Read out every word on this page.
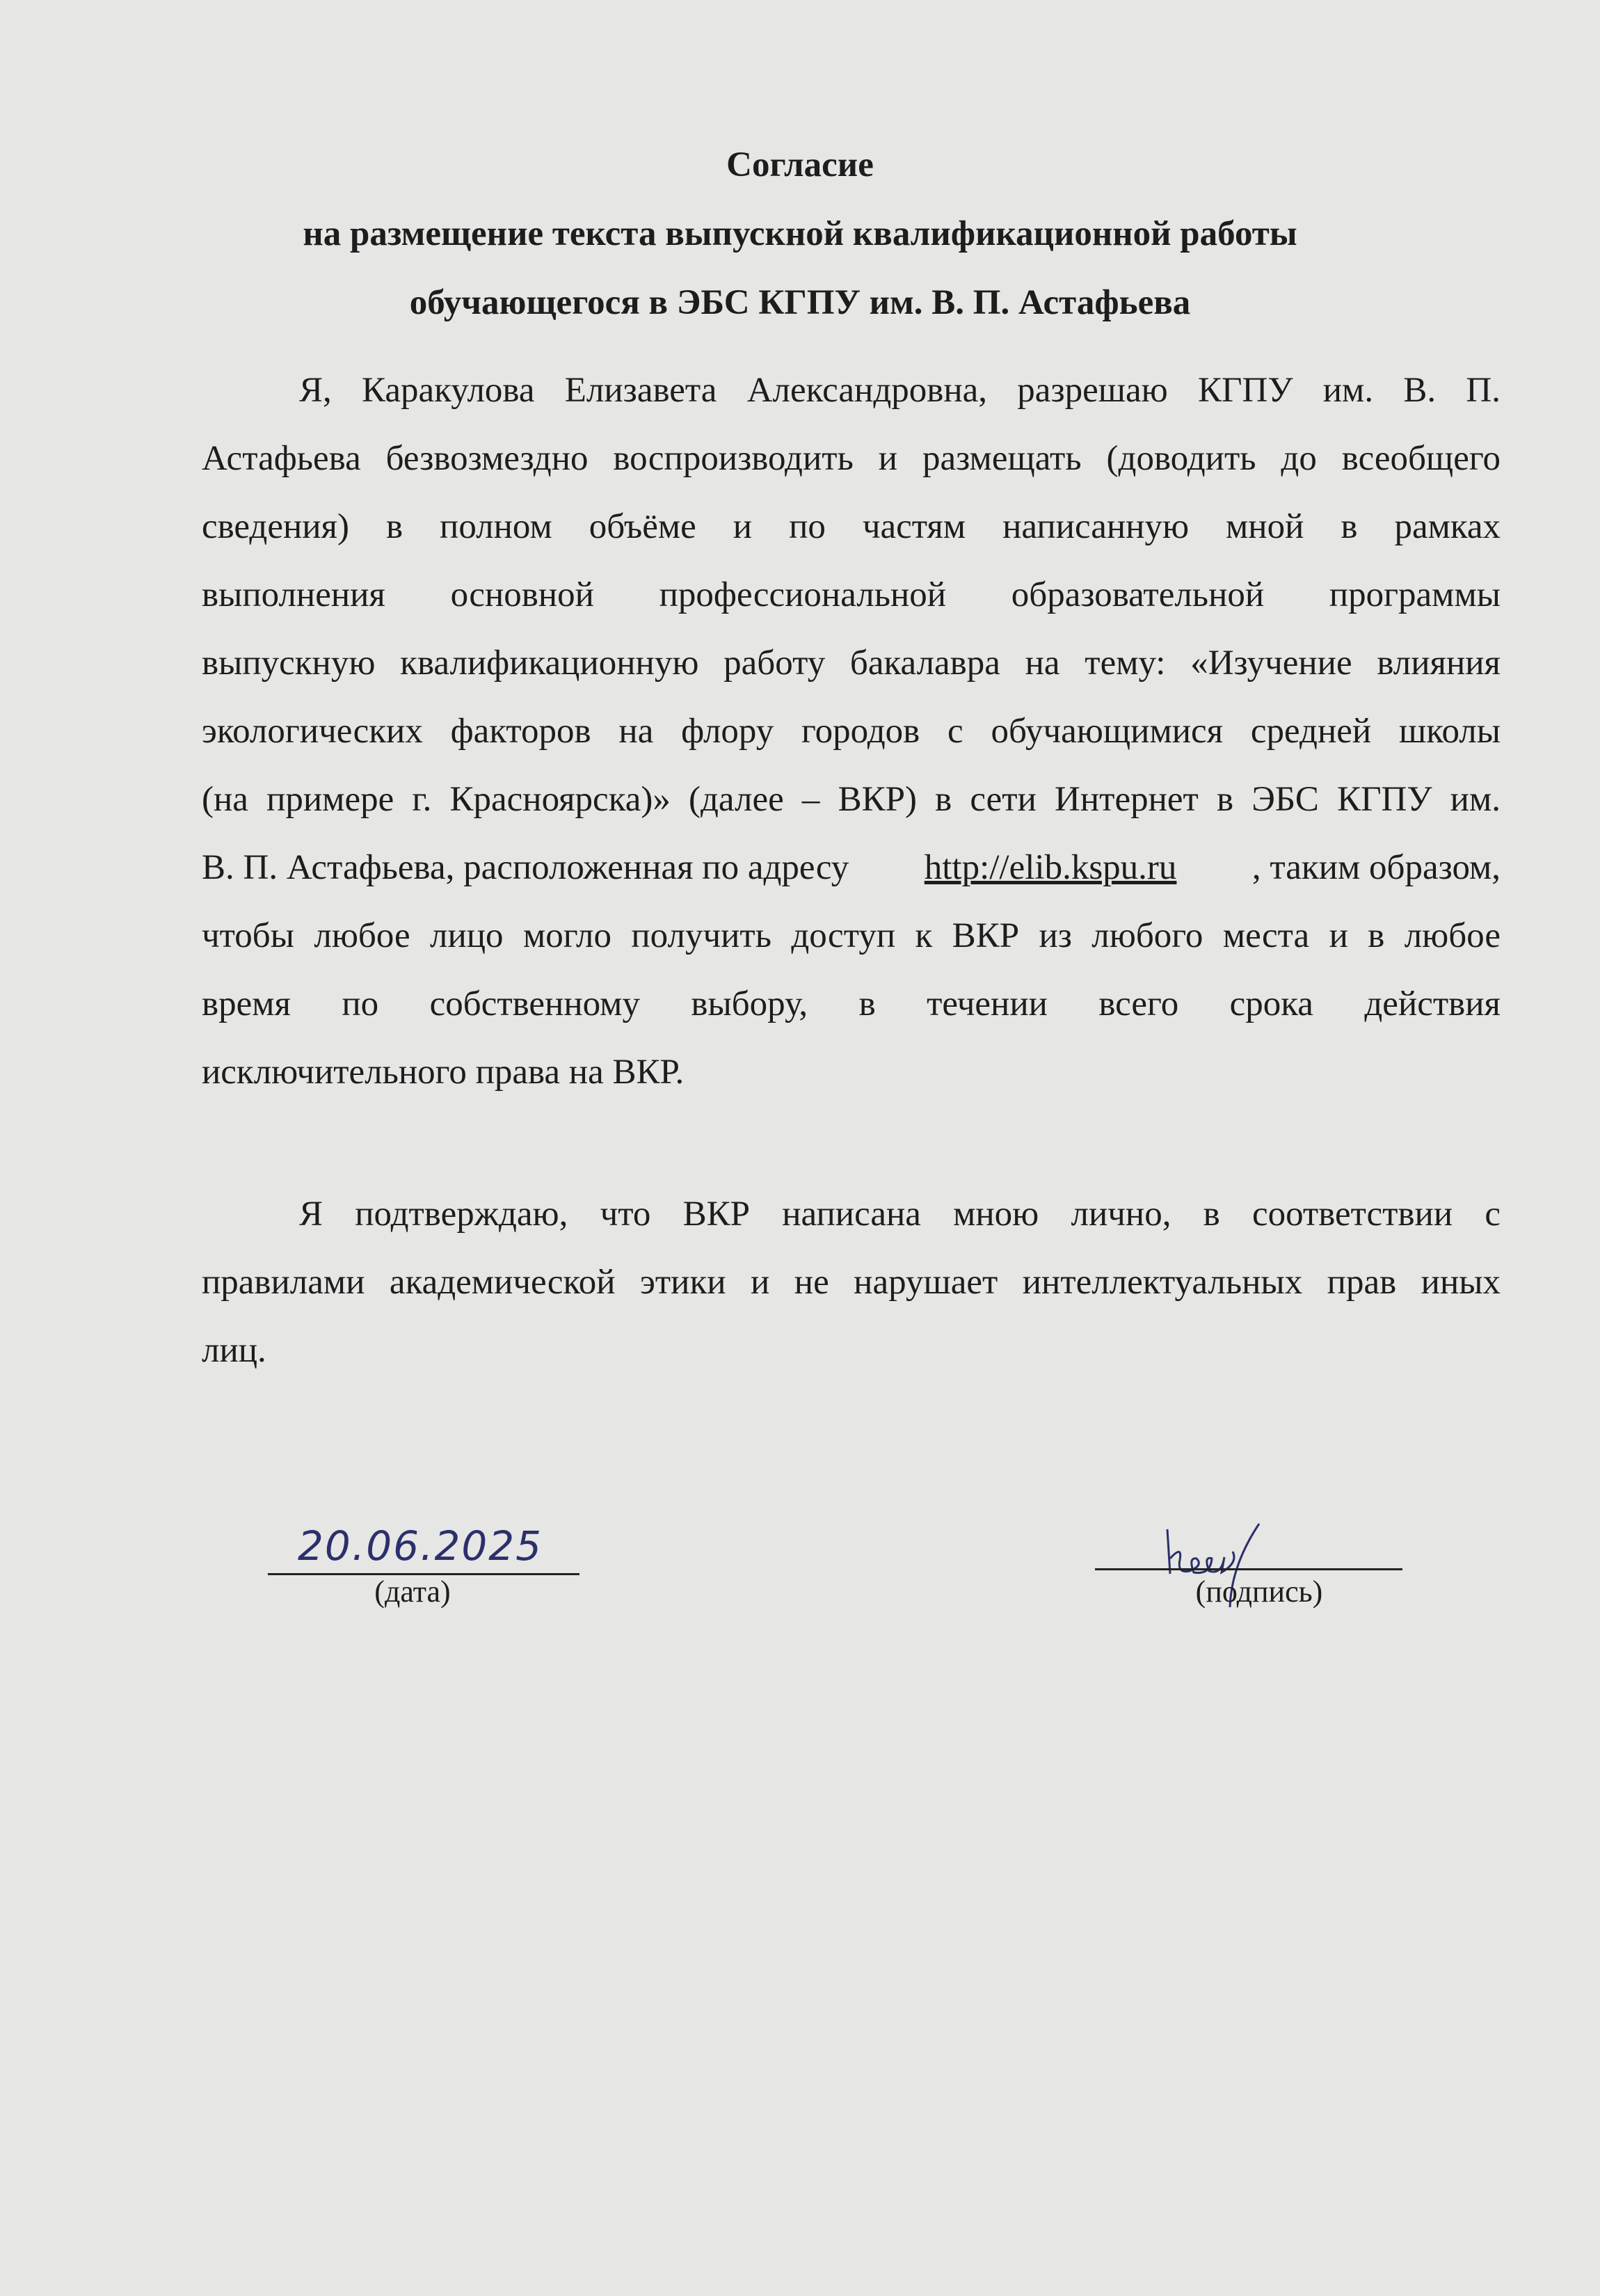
Согласие
на размещение текста выпускной квалификационной работы
обучающегося в ЭБС КГПУ им. В. П. Астафьева
Я, Каракулова Елизавета Александровна, разрешаю КГПУ им. В. П.
Астафьева безвозмездно воспроизводить и размещать (доводить до всеобщего
сведения) в полном объёме и по частям написанную мной в рамках
выполнения основной профессиональной образовательной программы
выпускную квалификационную работу бакалавра на тему: «Изучение влияния
экологических факторов на флору городов с обучающимися средней школы
(на примере г. Красноярска)» (далее – ВКР) в сети Интернет в ЭБС КГПУ им.
В. П. Астафьева, расположенная по адресу http://elib.kspu.ru , таким образом,
чтобы любое лицо могло получить доступ к ВКР из любого места и в любое
время по собственному выбору, в течении всего срока действия
исключительного права на ВКР.
Я подтверждаю, что ВКР написана мною лично, в соответствии с
правилами академической этики и не нарушает интеллектуальных прав иных
лиц.
20.06.2025
(дата)	(подпись)
